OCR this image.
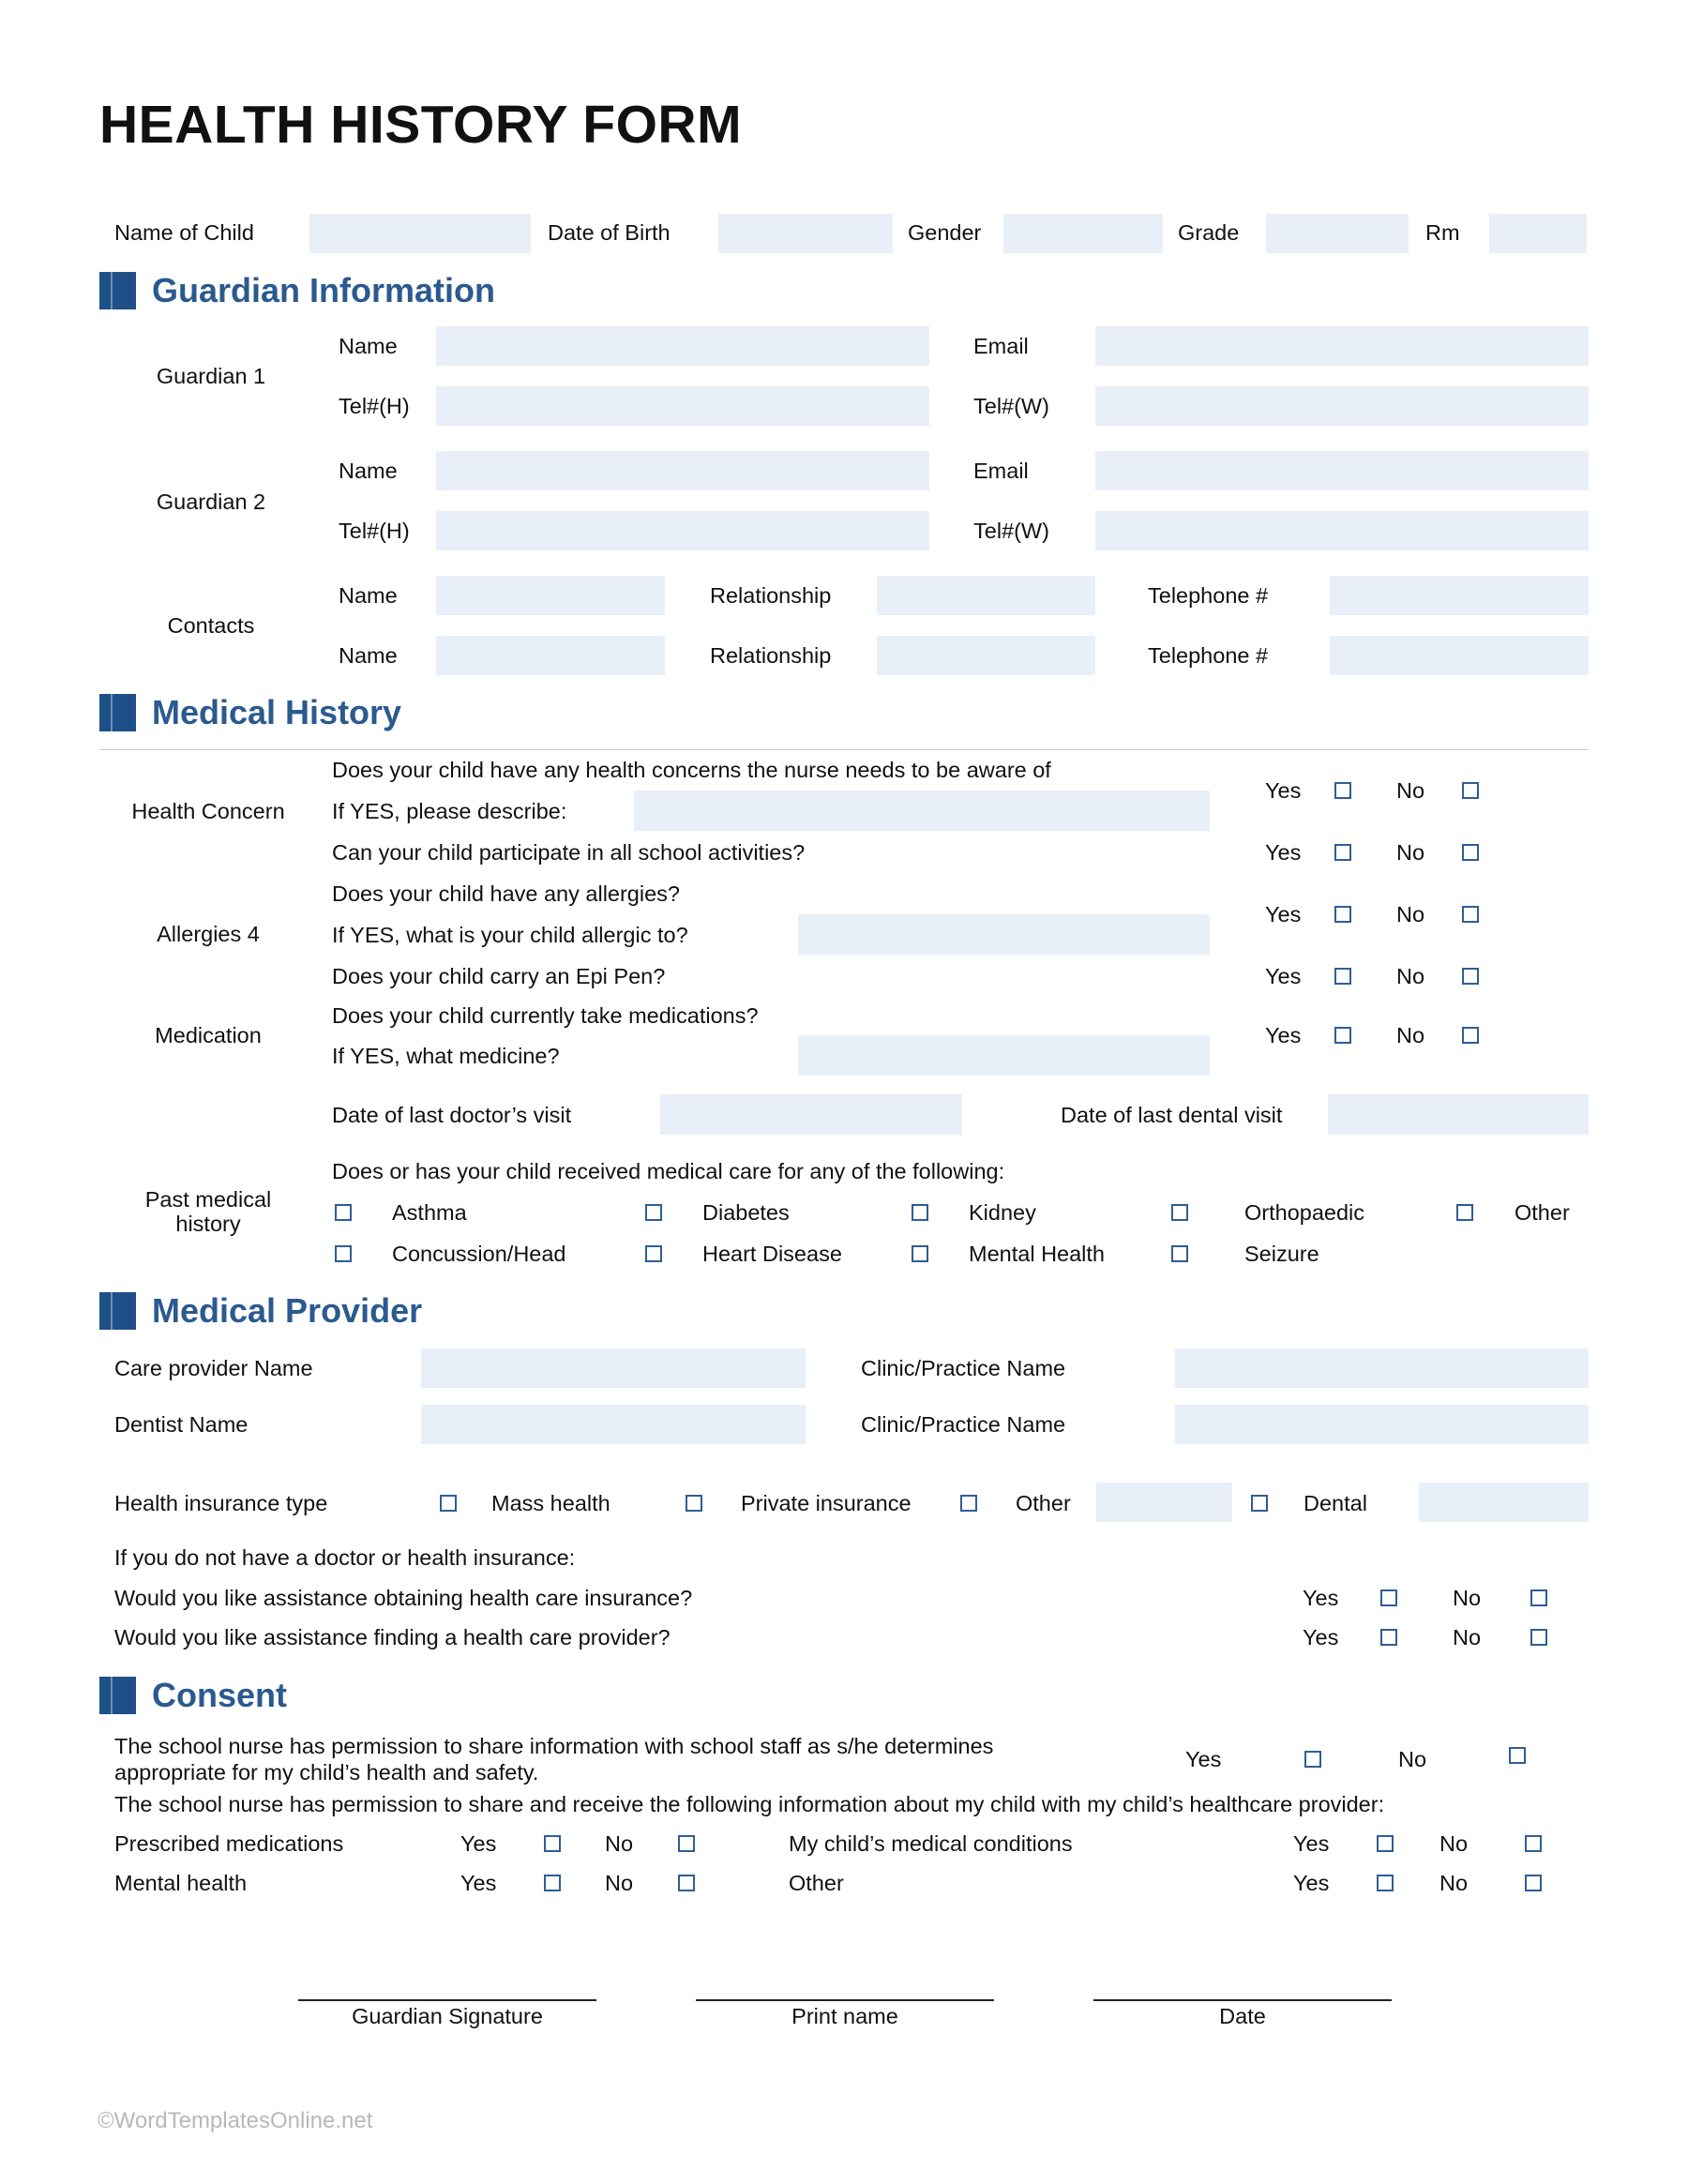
HEALTH HISTORY FORM
Name of Child	Date of Birth	Gender	Grade	Rm
Guardian Information
Guardian 1
Name	Email
Tel#(H)	Tel#(W)
Guardian 2
Name	Email
Tel#(H)	Tel#(W)
Contacts
Name	Relationship	Telephone #
Name	Relationship	Telephone #
Medical History
Health Concern
Does your child have any health concerns the nurse needs to be aware of
If YES, please describe:
Yes	No
Can your child participate in all school activities?	Yes	No
Allergies 4
Does your child have any allergies?
If YES, what is your child allergic to?
Yes	No
Does your child carry an Epi Pen?	Yes	No
Medication
Does your child currently take medications?
If YES, what medicine?
Yes	No
Date of last doctor’s visit	Date of last dental visit
Past medical history
Does or has your child received medical care for any of the following:
Asthma	Diabetes	Kidney	Orthopaedic	Other
Concussion/Head	Heart Disease	Mental Health	Seizure
Medical Provider
Care provider Name	Clinic/Practice Name
Dentist Name	Clinic/Practice Name
Health insurance type	Mass health	Private insurance	Other	Dental
If you do not have a doctor or health insurance:
Would you like assistance obtaining health care insurance?	Yes	No
Would you like assistance finding a health care provider?	Yes	No
Consent
The school nurse has permission to share information with school staff as s/he determines
appropriate for my child’s health and safety.
Yes	No
The school nurse has permission to share and receive the following information about my child with my child’s healthcare provider:
Prescribed medications	Yes	No	My child’s medical conditions	Yes	No
Mental health	Yes	No	Other	Yes	No
Guardian Signature	Print name	Date
©WordTemplatesOnline.net
